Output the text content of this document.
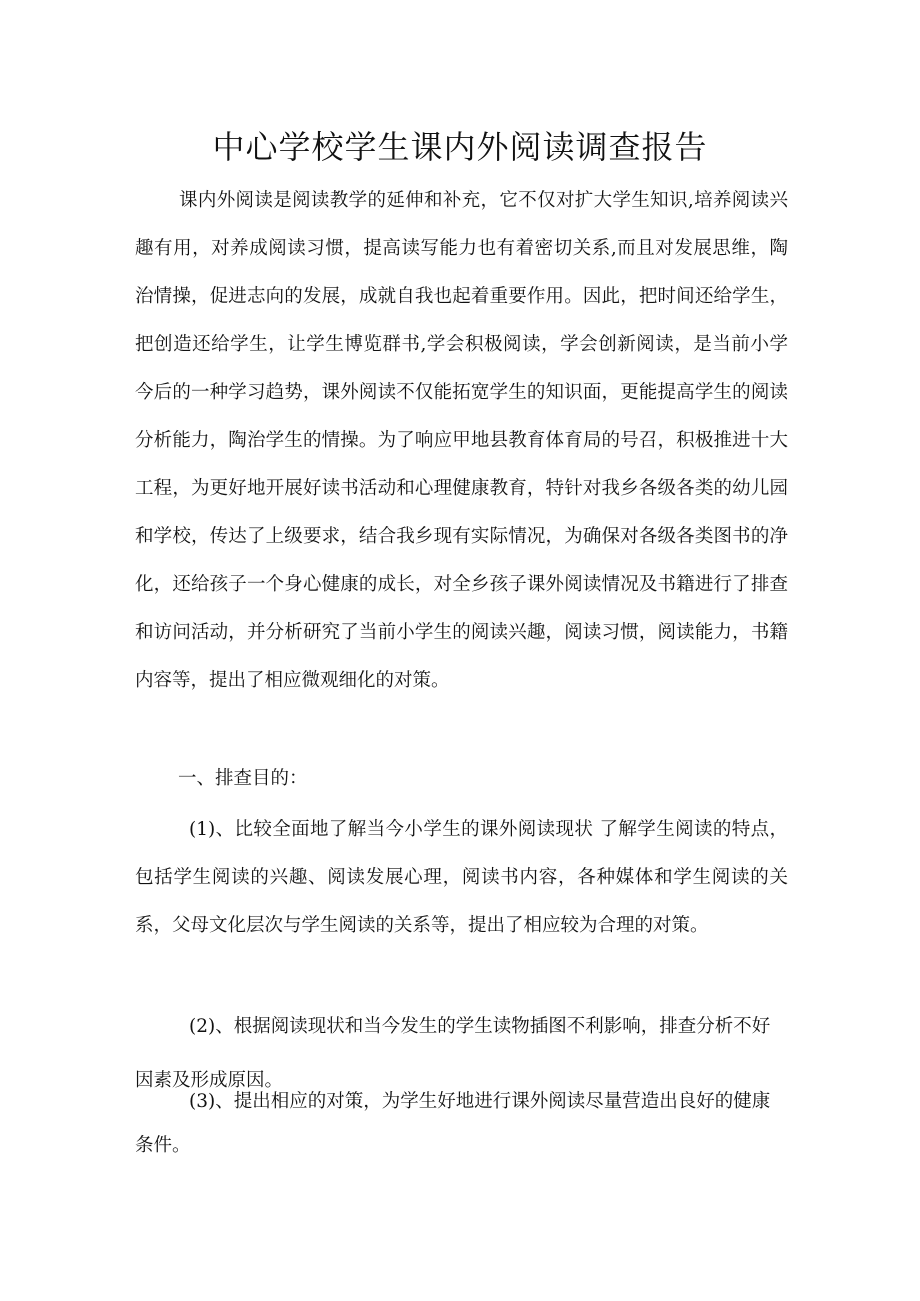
中心学校学生课内外阅读调查报告

课内外阅读是阅读教学的延伸和补充，它不仅对扩大学生知识,培养阅读兴趣有用，对养成阅读习惯，提高读写能力也有着密切关系,而且对发展思维，陶治情操，促进志向的发展，成就自我也起着重要作用。因此，把时间还给学生，把创造还给学生，让学生博览群书,学会积极阅读，学会创新阅读，是当前小学今后的一种学习趋势，课外阅读不仅能拓宽学生的知识面，更能提高学生的阅读分析能力，陶治学生的情操。为了响应甲地县教育体育局的号召，积极推进十大工程，为更好地开展好读书活动和心理健康教育，特针对我乡各级各类的幼儿园和学校，传达了上级要求，结合我乡现有实际情况，为确保对各级各类图书的净化，还给孩子一个身心健康的成长，对全乡孩子课外阅读情况及书籍进行了排查和访问活动，并分析研究了当前小学生的阅读兴趣，阅读习惯，阅读能力，书籍内容等，提出了相应微观细化的对策。

一、排查目的：

(1)、比较全面地了解当今小学生的课外阅读现状 了解学生阅读的特点，包括学生阅读的兴趣、阅读发展心理，阅读书内容，各种媒体和学生阅读的关系，父母文化层次与学生阅读的关系等，提出了相应较为合理的对策。

(2)、根据阅读现状和当今发生的学生读物插图不利影响，排查分析不好因素及形成原因。

(3)、提出相应的对策，为学生好地进行课外阅读尽量营造出良好的健康条件。
